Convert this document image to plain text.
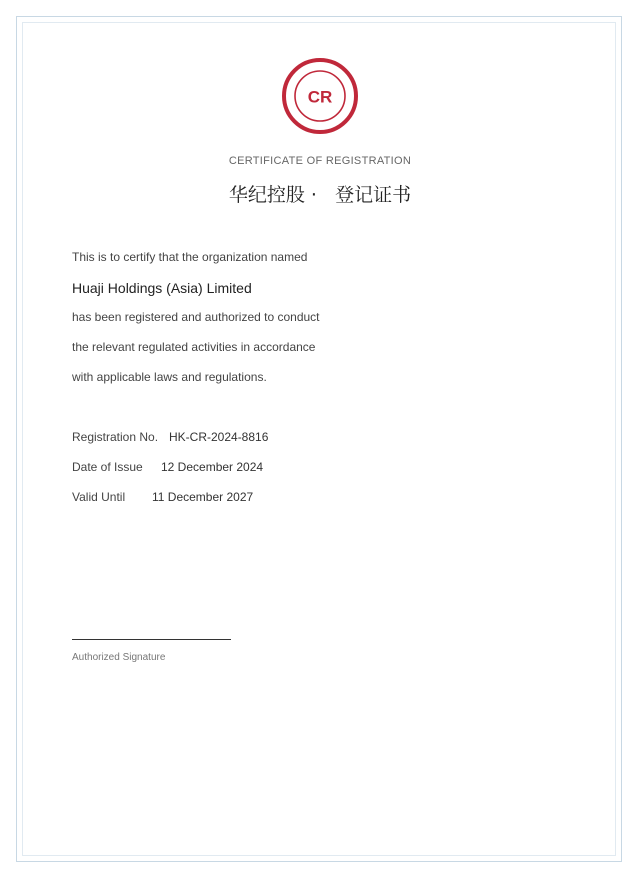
CR
CERTIFICATE OF REGISTRATION
华纪控股 ·   登记证书
This is to certify that the organization named
Huaji Holdings (Asia) Limited
has been registered and authorized to conduct
the relevant regulated activities in accordance
with applicable laws and regulations.
Registration No. HK-CR-2024-8816
Date of Issue 12 December 2024
Valid Until 11 December 2027
Authorized Signature
